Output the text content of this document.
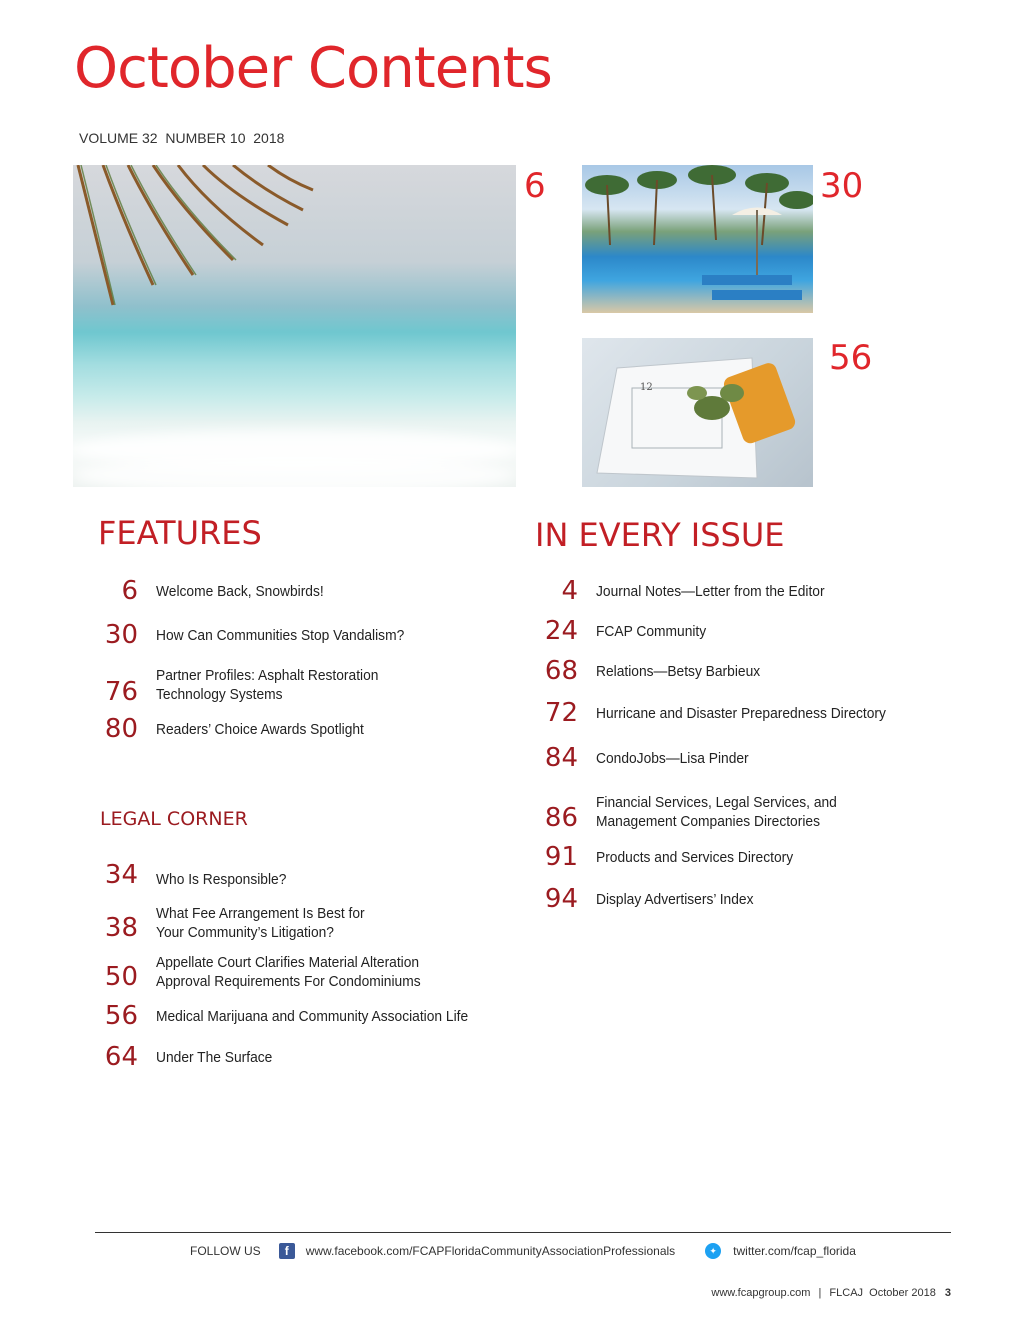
October Contents
VOLUME 32  NUMBER 10  2018
6	30
12
56
FEATURES
6 Welcome Back, Snowbirds!
30 How Can Communities Stop Vandalism?
76
Partner Profiles: Asphalt Restoration
Technology Systems
80 Readers’ Choice Awards Spotlight
LEGAL CORNER
34 Who Is Responsible?
38 What Fee Arrangement Is Best for
Your Community’s Litigation?
50 Appellate Court Clarifies Material Alteration
Approval Requirements For Condominiums
56 Medical Marijuana and Community Association Life
64 Under The Surface
IN EVERY ISSUE
4 Journal Notes—Letter from the Editor
24 FCAP Community
68 Relations—Betsy Barbieux
72 Hurricane and Disaster Preparedness Directory
84 CondoJobs—Lisa Pinder
86
Financial Services, Legal Services, and
Management Companies Directories
91 Products and Services Directory
94 Display Advertisers’ Index
FOLLOW US	f	www.facebook.com/FCAPFloridaCommunityAssociationProfessionals	✦	twitter.com/fcap_florida
www.fcapgroup.com | FLCAJ  October 2018 3
